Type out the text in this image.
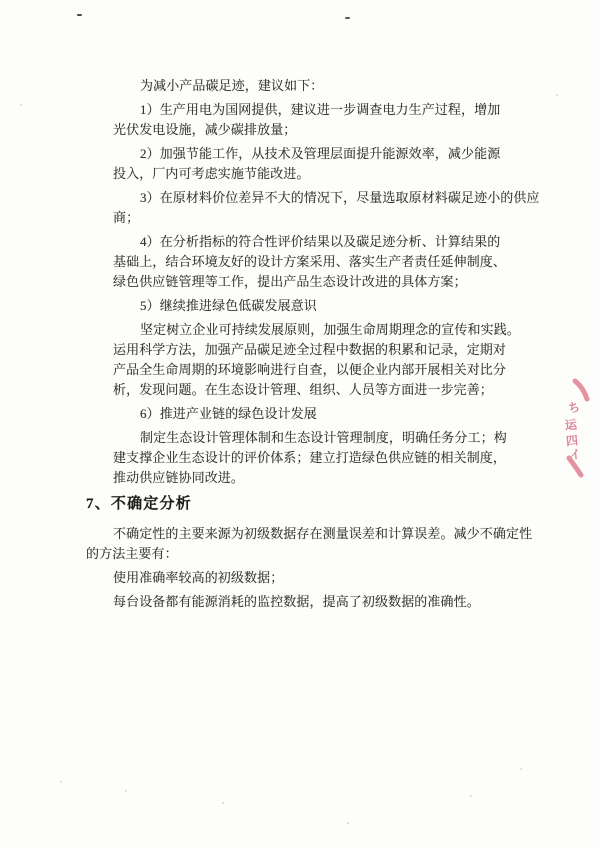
为减小产品碳足迹，建议如下：
1）生产用电为国网提供，建议进一步调查电力生产过程，增加
光伏发电设施，减少碳排放量；
2）加强节能工作，从技术及管理层面提升能源效率，减少能源
投入，厂内可考虑实施节能改进。
3）在原材料价位差异不大的情况下，尽量选取原材料碳足迹小的供应
商；
4）在分析指标的符合性评价结果以及碳足迹分析、计算结果的
基础上，结合环境友好的设计方案采用、落实生产者责任延伸制度、
绿色供应链管理等工作，提出产品生态设计改进的具体方案；
5）继续推进绿色低碳发展意识
坚定树立企业可持续发展原则，加强生命周期理念的宣传和实践。
运用科学方法，加强产品碳足迹全过程中数据的积累和记录，定期对
产品全生命周期的环境影响进行自查，以便企业内部开展相关对比分
析，发现问题。在生态设计管理、组织、人员等方面进一步完善；
6）推进产业链的绿色设计发展
制定生态设计管理体制和生态设计管理制度，明确任务分工；构
建支撑企业生态设计的评价体系；建立打造绿色供应链的相关制度，
推动供应链协同改进。
7、不确定分析
不确定性的主要来源为初级数据存在测量误差和计算误差。减少不确定性
的方法主要有：
使用准确率较高的初级数据；
每台设备都有能源消耗的监控数据，提高了初级数据的准确性。
ち
运
四
イ
